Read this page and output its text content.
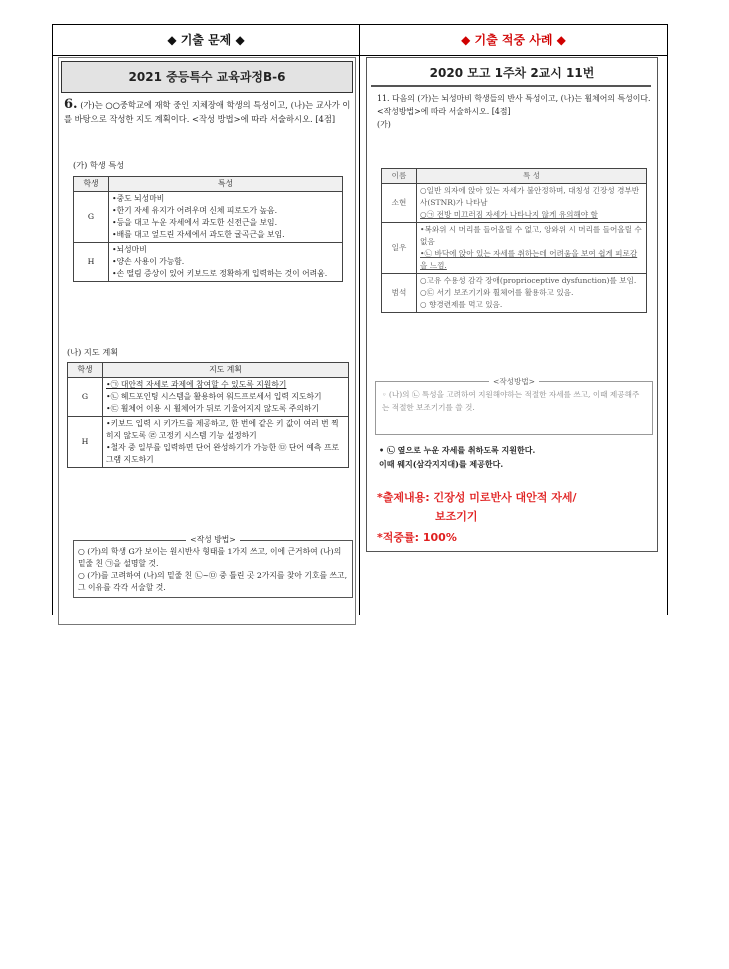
◆ 기출 문제 ◆	◆ 기출 적중 사례 ◆
2021 중등특수 교육과정B-6
6. (가)는 ○○중학교에 재학 중인 지체장애 학생의 특성이고, (나)는 교사가 이를 바탕으로 작성한 지도 계획이다. <작성 방법>에 따라 서술하시오. [4점]
(가) 학생 특성
학생	특성
G	•중도 뇌성마비
•한기 자세 유지가 어려우며 신체 피로도가 높음.
•등을 대고 누운 자세에서 과도한 신전근을 보임.
•배를 대고 엎드린 자세에서 과도한 굴곡근을 보임.

H	•뇌성마비
•양손 사용이 가능함.
•손 떨림 증상이 있어 키보드로 정확하게 입력하는 것이 어려움.
(나) 지도 계획
학생	지도 계획
G	•㉠ 대안적 자세로 과제에 참여할 수 있도록 지원하기
•㉡ 헤드포인팅 시스템을 활용하여 워드프로세서 입력 지도하기
•㉢ 휠체어 이용 시 휠체어가 뒤로 기울어지지 않도록 주의하기

H	•키보드 입력 시 키가드를 제공하고, 한 번에 같은 키 값이 여러 번 찍히지 않도록 ㉣ 고정키 시스템 기능 설정하기
•철자 중 일부를 입력하면 단어 완성하기가 가능한 ㉤ 단어 예측 프로그램 지도하기
<작성 방법>
○ (가)의 학생 G가 보이는 원시반사 형태를 1가지 쓰고, 이에 근거하여 (나)의 밑줄 친 ㉠을 설명할 것.
○ (가)를 고려하여 (나)의 밑줄 친 ㉡~㉤ 중 틀린 곳 2가지를 찾아 기호를 쓰고, 그 이유를 각각 서술할 것.
2020 모고 1주차 2교시 11번
11. 다음의 (가)는 뇌성마비 학생들의 반사 특성이고, (나)는 휠체어의 특성이다. <작성방법>에 따라 서술하시오. [4점]
(가)
이름	특 성
소현	○일반 의자에 앉아 있는 자세가 불안정하며, 대칭성 긴장성 경부반사(STNR)가 나타남
○㉠ 전방 미끄러짐 자세가 나타나지 않게 유의해야 함

일우	•복와위 시 머리를 들어올릴 수 없고, 앙와위 시 머리를 들어올릴 수 없음
•㉡ 바닥에 앉아 있는 자세를 취하는데 어려움을 보여 쉽게 피로감을 느낌.

범석	○고유 수용성 감각 장애(proprioceptive dysfunction)를 보임.
○㉢ 서기 보조기기와 휠체어를 활용하고 있음.
○ 향경련제를 먹고 있음.
<작성방법>
◦ (나)의 ㉡ 특성을 고려하여 지원해야하는 적절한 자세를 쓰고, 이때 제공해주는 적절한 보조기기를 쓸 것.
• ㉡ 옆으로 누운 자세를 취하도록 지원한다.
이때 웨지(삼각지지대)를 제공한다.
*출제내용: 긴장성 미로반사 대안적 자세/
보조기기
*적중률: 100%
